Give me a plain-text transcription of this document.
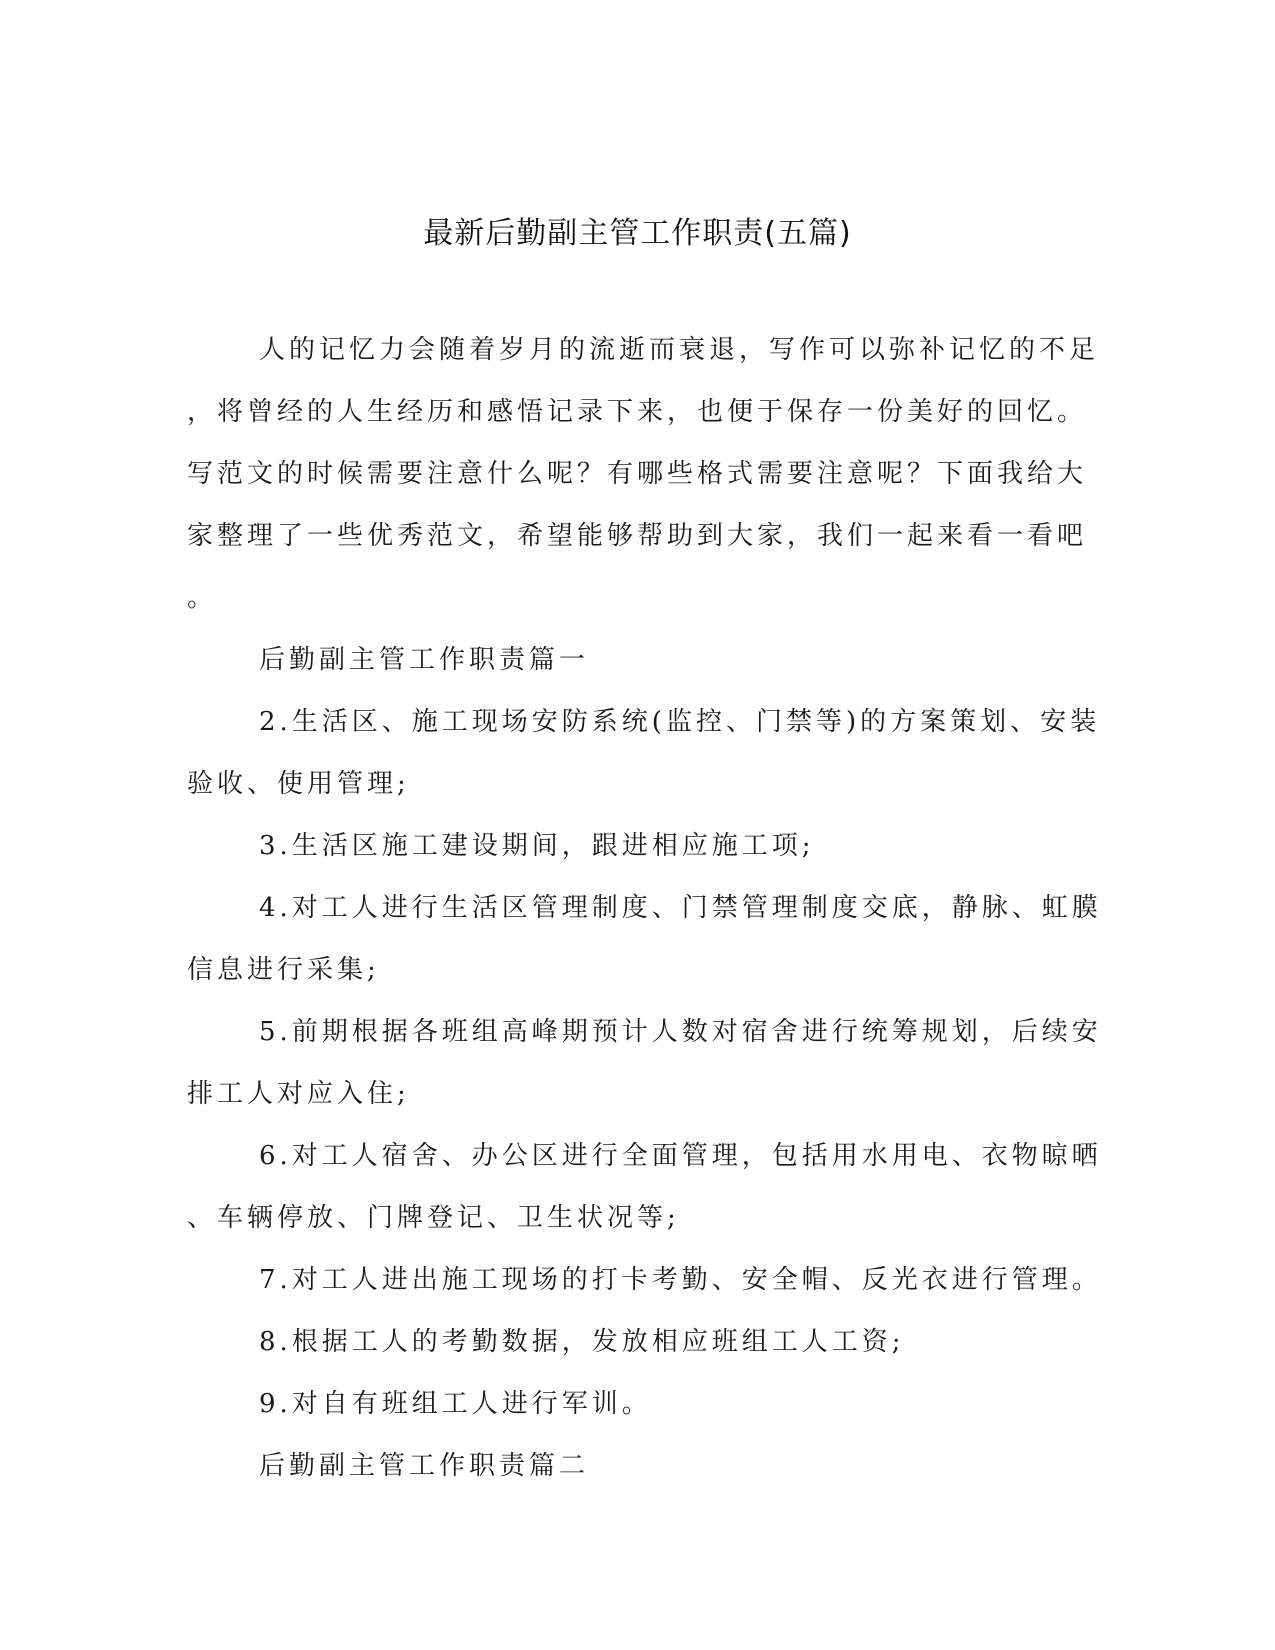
最新后勤副主管工作职责(五篇)

人的记忆力会随着岁月的流逝而衰退，写作可以弥补记忆的不足

，将曾经的人生经历和感悟记录下来，也便于保存一份美好的回忆。

写范文的时候需要注意什么呢？有哪些格式需要注意呢？下面我给大

家整理了一些优秀范文，希望能够帮助到大家，我们一起来看一看吧

。

后勤副主管工作职责篇一

2.生活区、施工现场安防系统(监控、门禁等)的方案策划、安装

验收、使用管理;

3.生活区施工建设期间，跟进相应施工项;

4.对工人进行生活区管理制度、门禁管理制度交底，静脉、虹膜

信息进行采集;

5.前期根据各班组高峰期预计人数对宿舍进行统筹规划，后续安

排工人对应入住;

6.对工人宿舍、办公区进行全面管理，包括用水用电、衣物晾晒

、车辆停放、门牌登记、卫生状况等;

7.对工人进出施工现场的打卡考勤、安全帽、反光衣进行管理。

8.根据工人的考勤数据，发放相应班组工人工资;

9.对自有班组工人进行军训。

后勤副主管工作职责篇二
